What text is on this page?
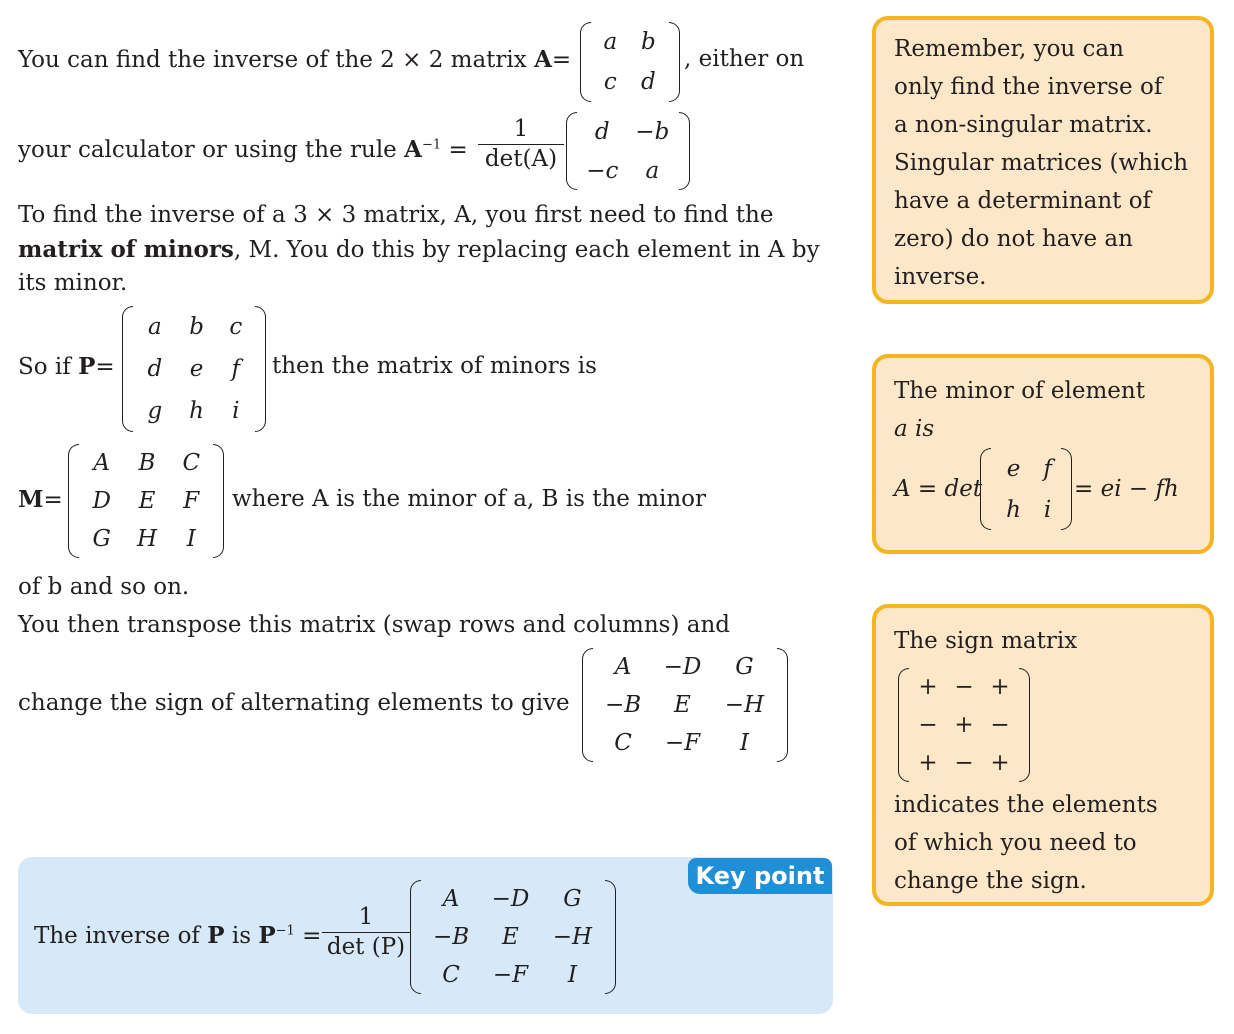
You can find the inverse of the 2 × 2 matrix A=
a	b
c	d
, either on
your calculator or using the rule $A^{-1}$ =
1
det(A)
d	−b
−c	a
To find the inverse of a 3 × 3 matrix, A, you first need to find the
matrix of minors, M. You do this by replacing each element in A by
its minor.
So if P=
a	b	c
d	e	f
g	h	i
then the matrix of minors is
M=
A	B	C
D	E	F
G	H	I
where A is the minor of a, B is the minor
of b and so on.
You then transpose this matrix (swap rows and columns) and
change the sign of alternating elements to give
A	−D	G
−B	E	−H
C	−F	I
Key point
The inverse of P is $P^{-1}$ =
1
det (P)
A	−D	G
−B	E	−H
C	−F	I

Remember, you can

only find the inverse of

a non-singular matrix.

Singular matrices (which

have a determinant of

zero) do not have an

inverse.

The minor of element

a is

A = det

e	f
h	i

= ei − fh

The sign matrix

+	−	+
−	+	−
+	−	+

indicates the elements

of which you need to

change the sign.
